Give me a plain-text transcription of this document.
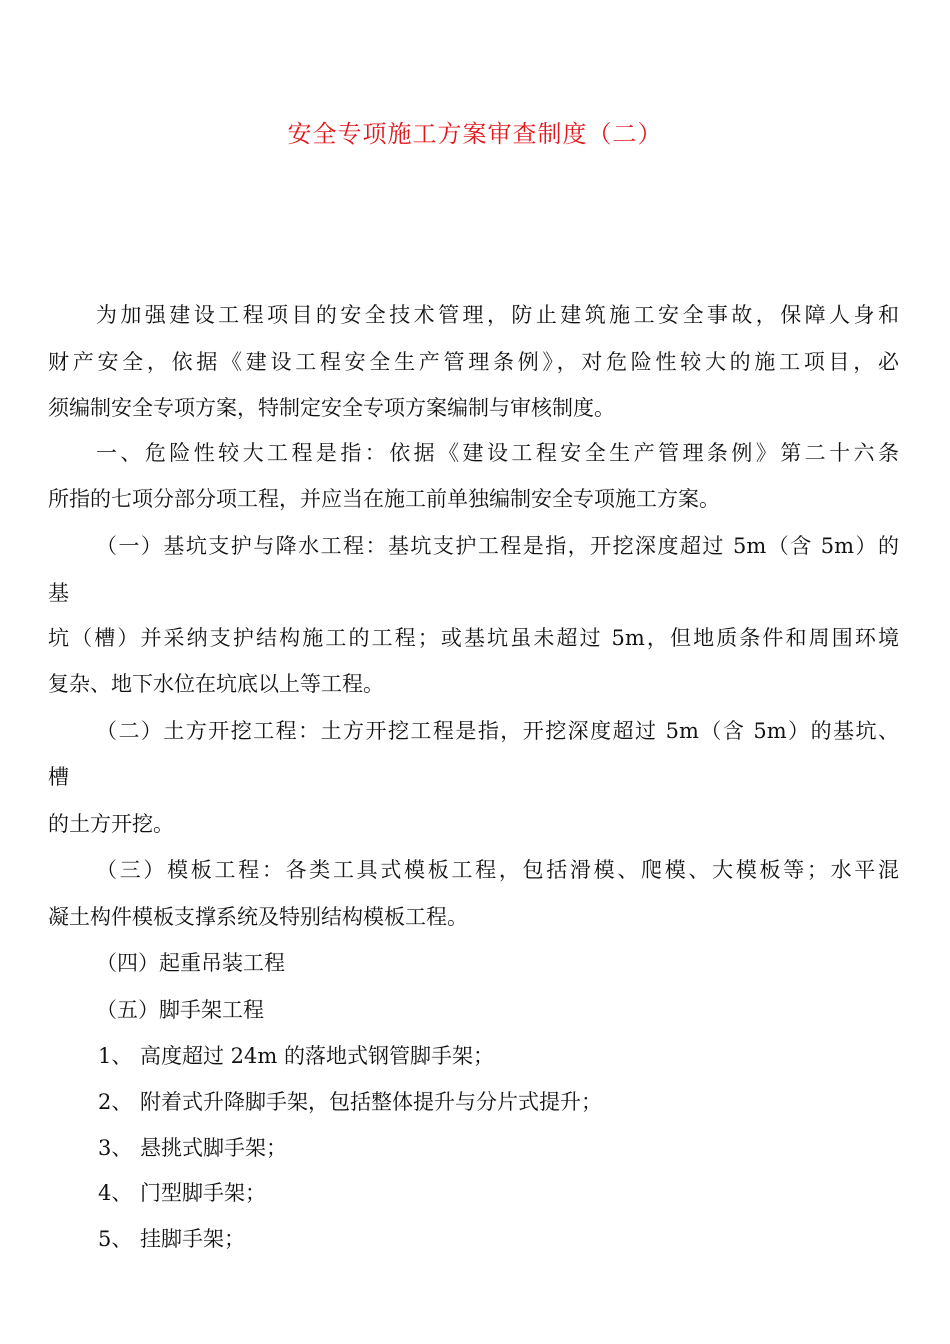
安全专项施工方案审查制度（二）
为加强建设工程项目的安全技术管理，防止建筑施工安全事故，保障人身和
财产安全，依据《建设工程安全生产管理条例》，对危险性较大的施工项目，必
须编制安全专项方案，特制定安全专项方案编制与审核制度。
一、危险性较大工程是指：依据《建设工程安全生产管理条例》第二十六条
所指的七项分部分项工程，并应当在施工前单独编制安全专项施工方案。
（一）基坑支护与降水工程：基坑支护工程是指，开挖深度超过 5m（含 5m）的
基
坑（槽）并采纳支护结构施工的工程；或基坑虽未超过 5m，但地质条件和周围环境
复杂、地下水位在坑底以上等工程。
（二）土方开挖工程：土方开挖工程是指，开挖深度超过 5m（含 5m）的基坑、
槽
的土方开挖。
（三）模板工程：各类工具式模板工程，包括滑模、爬模、大模板等；水平混
凝土构件模板支撑系统及特别结构模板工程。
（四）起重吊装工程
（五）脚手架工程
1、 高度超过 24m 的落地式钢管脚手架；
2、 附着式升降脚手架，包括整体提升与分片式提升；
3、 悬挑式脚手架；
4、 门型脚手架；
5、 挂脚手架；
